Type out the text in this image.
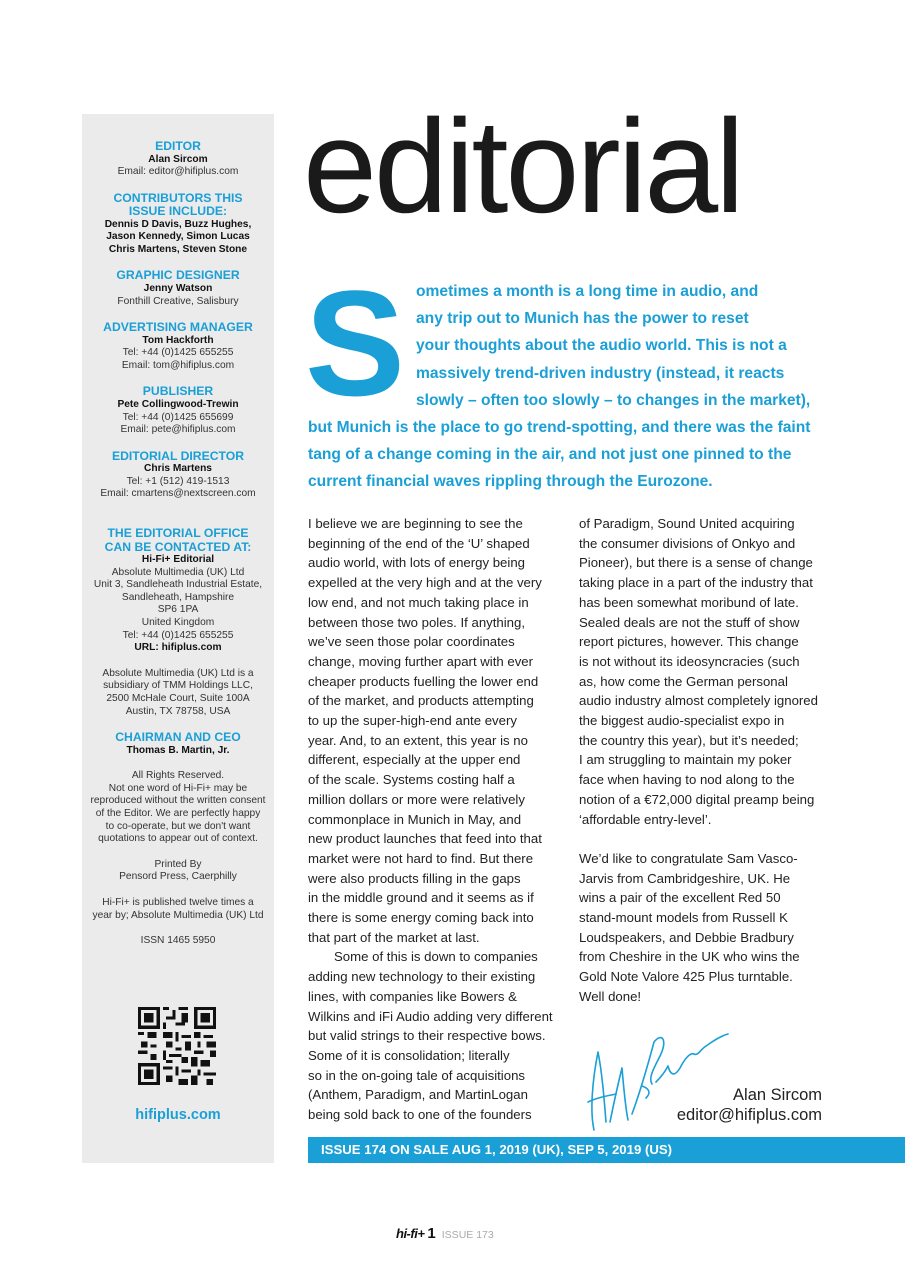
EDITOR
Alan Sircom
Email: editor@hifiplus.com
CONTRIBUTORS THIS
ISSUE INCLUDE:
Dennis D Davis, Buzz Hughes,
Jason Kennedy, Simon Lucas
Chris Martens, Steven Stone
GRAPHIC DESIGNER
Jenny Watson
Fonthill Creative, Salisbury
ADVERTISING MANAGER
Tom Hackforth
Tel: +44 (0)1425 655255
Email: tom@hifiplus.com
PUBLISHER
Pete Collingwood-Trewin
Tel: +44 (0)1425 655699
Email: pete@hifiplus.com
EDITORIAL DIRECTOR
Chris Martens
Tel: +1 (512) 419-1513
Email: cmartens@nextscreen.com
THE EDITORIAL OFFICE
CAN BE CONTACTED AT:
Hi-Fi+ Editorial
Absolute Multimedia (UK) Ltd
Unit 3, Sandleheath Industrial Estate,
Sandleheath, Hampshire
SP6 1PA
United Kingdom
Tel: +44 (0)1425 655255
URL: hifiplus.com
Absolute Multimedia (UK) Ltd is a
subsidiary of TMM Holdings LLC,
2500 McHale Court, Suite 100A
Austin, TX 78758, USA
CHAIRMAN AND CEO
Thomas B. Martin, Jr.
All Rights Reserved.
Not one word of Hi-Fi+ may be
reproduced without the written consent
of the Editor. We are perfectly happy
to co-operate, but we don't want
quotations to appear out of context.
Printed By
Pensord Press, Caerphilly
Hi-Fi+ is published twelve times a
year by; Absolute Multimedia (UK) Ltd
ISSN 1465 5950
hifiplus.com
editorial
S ometimes a month is a long time in audio, and
any trip out to Munich has the power to reset
your thoughts about the audio world. This is not a
massively trend-driven industry (instead, it reacts
slowly – often too slowly – to changes in the market),
but Munich is the place to go trend-spotting, and there was the faint
tang of a change coming in the air, and not just one pinned to the
current financial waves rippling through the Eurozone.
I believe we are beginning to see the
beginning of the end of the ‘U’ shaped
audio world, with lots of energy being
expelled at the very high and at the very
low end, and not much taking place in
between those two poles. If anything,
we’ve seen those polar coordinates
change, moving further apart with ever
cheaper products fuelling the lower end
of the market, and products attempting
to up the super-high-end ante every
year. And, to an extent, this year is no
different, especially at the upper end
of the scale. Systems costing half a
million dollars or more were relatively
commonplace in Munich in May, and
new product launches that feed into that
market were not hard to find. But there
were also products filling in the gaps
in the middle ground and it seems as if
there is some energy coming back into
that part of the market at last.
Some of this is down to companies
adding new technology to their existing
lines, with companies like Bowers &
Wilkins and iFi Audio adding very different
but valid strings to their respective bows.
Some of it is consolidation; literally
so in the on-going tale of acquisitions
(Anthem, Paradigm, and MartinLogan
being sold back to one of the founders
of Paradigm, Sound United acquiring
the consumer divisions of Onkyo and
Pioneer), but there is a sense of change
taking place in a part of the industry that
has been somewhat moribund of late.
Sealed deals are not the stuff of show
report pictures, however. This change
is not without its ideosyncracies (such
as, how come the German personal
audio industry almost completely ignored
the biggest audio-specialist expo in
the country this year), but it’s needed;
I am struggling to maintain my poker
face when having to nod along to the
notion of a €72,000 digital preamp being
‘affordable entry-level’.
We’d like to congratulate Sam Vasco-
Jarvis from Cambridgeshire, UK. He
wins a pair of the excellent Red 50
stand-mount models from Russell K
Loudspeakers, and Debbie Bradbury
from Cheshire in the UK who wins the
Gold Note Valore 425 Plus turntable.
Well done!
Alan Sircom
editor@hifiplus.com
ISSUE 174 ON SALE AUG 1, 2019 (UK), SEP 5, 2019 (US)
hi-fi+ 1 ISSUE 173
